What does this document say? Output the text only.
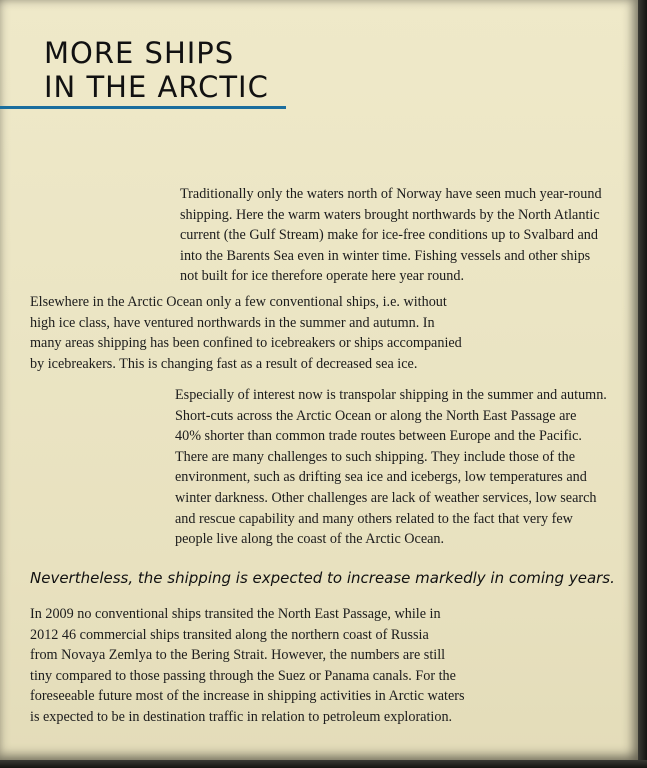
MORE SHIPS
IN THE ARCTIC

Traditionally only the waters north of Norway have seen much year-round
shipping. Here the warm waters brought northwards by the North Atlantic
current (the Gulf Stream) make for ice-free conditions up to Svalbard and
into the Barents Sea even in winter time. Fishing vessels and other ships
not built for ice therefore operate here year round.

Elsewhere in the Arctic Ocean only a few conventional ships, i.e. without
high ice class, have ventured northwards in the summer and autumn. In
many areas shipping has been confined to icebreakers or ships accompanied
by icebreakers. This is changing fast as a result of decreased sea ice.

Especially of interest now is transpolar shipping in the summer and autumn.
Short-cuts across the Arctic Ocean or along the North East Passage are
40% shorter than common trade routes between Europe and the Pacific.
There are many challenges to such shipping. They include those of the
environment, such as drifting sea ice and icebergs, low temperatures and
winter darkness. Other challenges are lack of weather services, low search
and rescue capability and many others related to the fact that very few
people live along the coast of the Arctic Ocean.

Nevertheless, the shipping is expected to increase markedly in coming years.

In 2009 no conventional ships transited the North East Passage, while in
2012 46 commercial ships transited along the northern coast of Russia
from Novaya Zemlya to the Bering Strait. However, the numbers are still
tiny compared to those passing through the Suez or Panama canals. For the
foreseeable future most of the increase in shipping activities in Arctic waters
is expected to be in destination traffic in relation to petroleum exploration.
